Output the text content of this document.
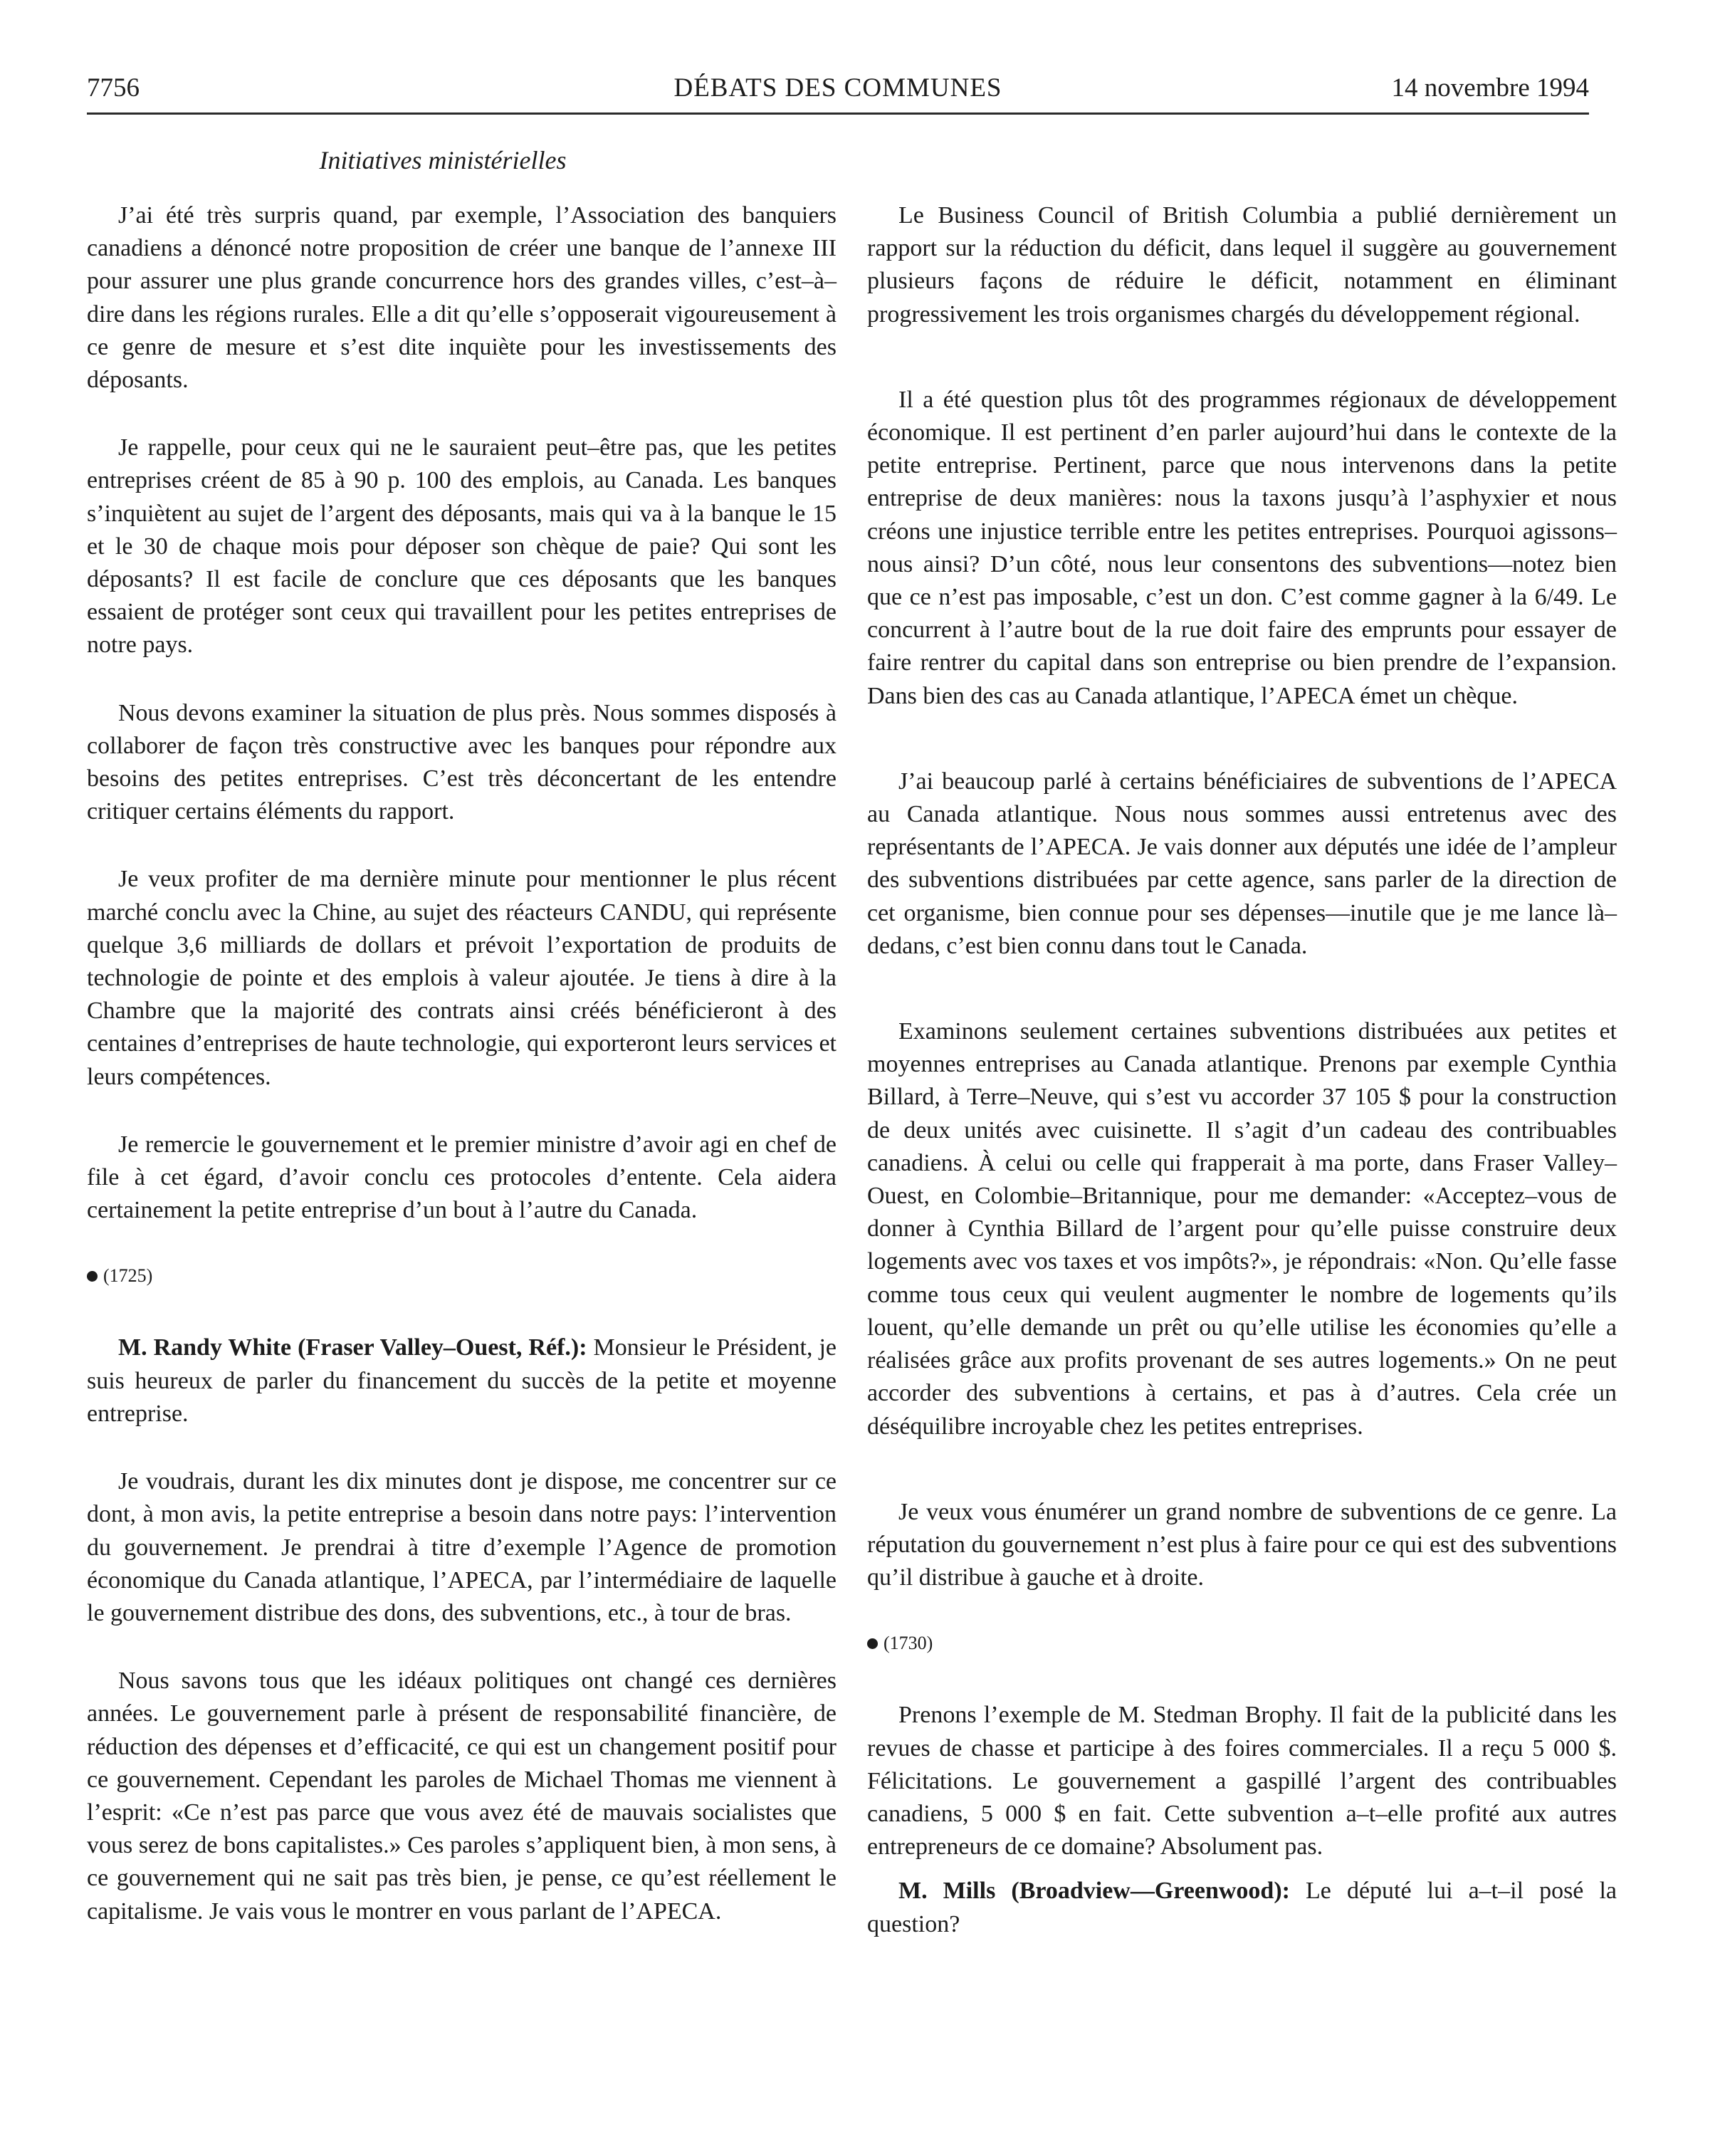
7756	DÉBATS DES COMMUNES	14 novembre 1994
Initiatives ministérielles

J’ai été très surpris quand, par exemple, l’Association des banquiers canadiens a dénoncé notre proposition de créer une banque de l’annexe III pour assurer une plus grande concurrence hors des grandes villes, c’est–à–dire dans les régions rurales. Elle a dit qu’elle s’opposerait vigoureusement à ce genre de mesure et s’est dite inquiète pour les investissements des déposants.

Je rappelle, pour ceux qui ne le sauraient peut–être pas, que les petites entreprises créent de 85 à 90 p. 100 des emplois, au Canada. Les banques s’inquiètent au sujet de l’argent des déposants, mais qui va à la banque le 15 et le 30 de chaque mois pour déposer son chèque de paie? Qui sont les déposants? Il est facile de conclure que ces déposants que les banques essaient de protéger sont ceux qui travaillent pour les petites entreprises de notre pays.

Nous devons examiner la situation de plus près. Nous sommes disposés à collaborer de façon très constructive avec les banques pour répondre aux besoins des petites entreprises. C’est très déconcertant de les entendre critiquer certains éléments du rapport.

Je veux profiter de ma dernière minute pour mentionner le plus récent marché conclu avec la Chine, au sujet des réacteurs CANDU, qui représente quelque 3,6 milliards de dollars et prévoit l’exportation de produits de technologie de pointe et des emplois à valeur ajoutée. Je tiens à dire à la Chambre que la majorité des contrats ainsi créés bénéficieront à des centaines d’entreprises de haute technologie, qui exporteront leurs services et leurs compétences.

Je remercie le gouvernement et le premier ministre d’avoir agi en chef de file à cet égard, d’avoir conclu ces protocoles d’entente. Cela aidera certainement la petite entreprise d’un bout à l’autre du Canada.

( 1725 )

M. Randy White (Fraser Valley–Ouest, Réf.): Monsieur le Président, je suis heureux de parler du financement du succès de la petite et moyenne entreprise.

Je voudrais, durant les dix minutes dont je dispose, me concentrer sur ce dont, à mon avis, la petite entreprise a besoin dans notre pays: l’intervention du gouvernement. Je prendrai à titre d’exemple l’Agence de promotion économique du Canada atlantique, l’APECA, par l’intermédiaire de laquelle le gouvernement distribue des dons, des subventions, etc., à tour de bras.

Nous savons tous que les idéaux politiques ont changé ces dernières années. Le gouvernement parle à présent de responsabilité financière, de réduction des dépenses et d’efficacité, ce qui est un changement positif pour ce gouvernement. Cependant les paroles de Michael Thomas me viennent à l’esprit: «Ce n’est pas parce que vous avez été de mauvais socialistes que vous serez de bons capitalistes.» Ces paroles s’appliquent bien, à mon sens, à ce gouvernement qui ne sait pas très bien, je pense, ce qu’est réellement le capitalisme. Je vais vous le montrer en vous parlant de l’APECA.

Le Business Council of British Columbia a publié dernièrement un rapport sur la réduction du déficit, dans lequel il suggère au gouvernement plusieurs façons de réduire le déficit, notamment en éliminant progressivement les trois organismes chargés du développement régional.

Il a été question plus tôt des programmes régionaux de développement économique. Il est pertinent d’en parler aujourd’hui dans le contexte de la petite entreprise. Pertinent, parce que nous intervenons dans la petite entreprise de deux manières: nous la taxons jusqu’à l’asphyxier et nous créons une injustice terrible entre les petites entreprises. Pourquoi agissons–nous ainsi? D’un côté, nous leur consentons des subventions—notez bien que ce n’est pas imposable, c’est un don. C’est comme gagner à la 6/49. Le concurrent à l’autre bout de la rue doit faire des emprunts pour essayer de faire rentrer du capital dans son entreprise ou bien prendre de l’expansion. Dans bien des cas au Canada atlantique, l’APECA émet un chèque.

J’ai beaucoup parlé à certains bénéficiaires de subventions de l’APECA au Canada atlantique. Nous nous sommes aussi entretenus avec des représentants de l’APECA. Je vais donner aux députés une idée de l’ampleur des subventions distribuées par cette agence, sans parler de la direction de cet organisme, bien connue pour ses dépenses—inutile que je me lance là–dedans, c’est bien connu dans tout le Canada.

Examinons seulement certaines subventions distribuées aux petites et moyennes entreprises au Canada atlantique. Prenons par exemple Cynthia Billard, à Terre–Neuve, qui s’est vu accorder 37 105 $ pour la construction de deux unités avec cuisinette. Il s’agit d’un cadeau des contribuables canadiens. À celui ou celle qui frapperait à ma porte, dans Fraser Valley–Ouest, en Colombie–Britannique, pour me demander: «Acceptez–vous de donner à Cynthia Billard de l’argent pour qu’elle puisse construire deux logements avec vos taxes et vos impôts?», je répondrais: «Non. Qu’elle fasse comme tous ceux qui veulent augmenter le nombre de logements qu’ils louent, qu’elle demande un prêt ou qu’elle utilise les économies qu’elle a réalisées grâce aux profits provenant de ses autres logements.» On ne peut accorder des subventions à certains, et pas à d’autres. Cela crée un déséquilibre incroyable chez les petites entreprises.

Je veux vous énumérer un grand nombre de subventions de ce genre. La réputation du gouvernement n’est plus à faire pour ce qui est des subventions qu’il distribue à gauche et à droite.

( 1730 )

Prenons l’exemple de M. Stedman Brophy. Il fait de la publicité dans les revues de chasse et participe à des foires commerciales. Il a reçu 5 000 $. Félicitations. Le gouvernement a gaspillé l’argent des contribuables canadiens, 5 000 $ en fait. Cette subvention a–t–elle profité aux autres entrepreneurs de ce domaine? Absolument pas.

M. Mills (Broadview—Greenwood): Le député lui a–t–il posé la question?
